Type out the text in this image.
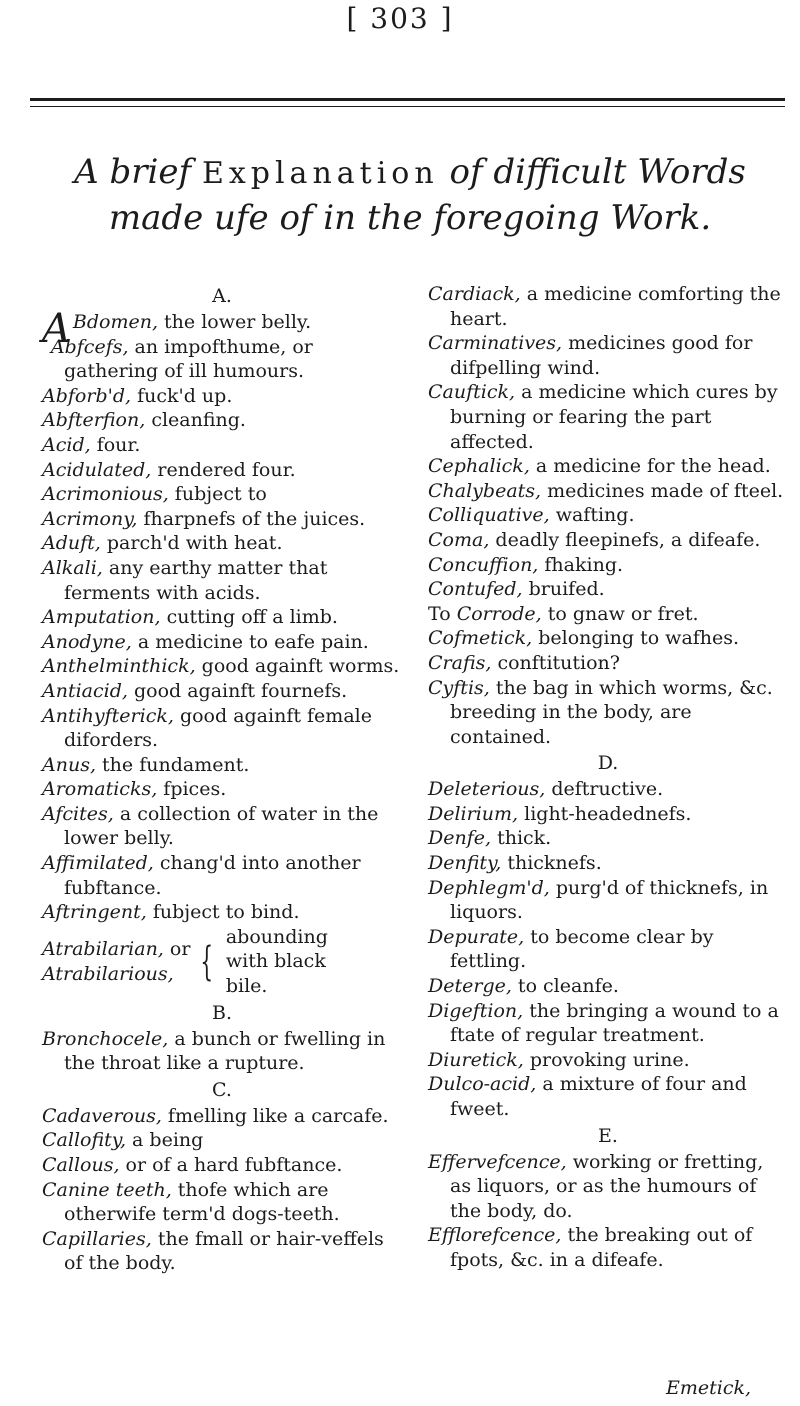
[ 303 ]
A brief Explanation of difficult Words
made ufe of in the foregoing Work.
A.
A Bdomen, the lower belly.
Abfcefs, an impofthume, or gathering of ill humours.
Abforb'd, fuck'd up.
Abfterfion, cleanfing.
Acid, four.
Acidulated, rendered four.
Acrimonious, fubject to
Acrimony, fharpnefs of the juices.
Aduft, parch'd with heat.
Alkali, any earthy matter that ferments with acids.
Amputation, cutting off a limb.
Anodyne, a medicine to eafe pain.
Anthelminthick, good againft worms.
Antiacid, good againft fournefs.
Antihyfterick, good againft female diforders.
Anus, the fundament.
Aromaticks, fpices.
Afcites, a collection of water in the lower belly.
Affimilated, chang'd into another fubftance.
Aftringent, fubject to bind.
Atrabilarian, or
Atrabilarious, {
abounding with black bile.
B.
Bronchocele, a bunch or fwelling in the throat like a rupture.
C.
Cadaverous, fmelling like a carcafe.
Callofity, a being
Callous, or of a hard fubftance.
Canine teeth, thofe which are otherwife term'd dogs-teeth.
Capillaries, the fmall or hair-veffels of the body.
Cardiack, a medicine comforting the heart.
Carminatives, medicines good for difpelling wind.
Cauftick, a medicine which cures by burning or fearing the part affected.
Cephalick, a medicine for the head.
Chalybeats, medicines made of fteel.
Colliquative, wafting.
Coma, deadly fleepinefs, a difeafe.
Concuffion, fhaking.
Contufed, bruifed.
To Corrode, to gnaw or fret.
Cofmetick, belonging to wafhes.
Crafis, conftitution?
Cyftis, the bag in which worms, &c. breeding in the body, are contained.
D.
Deleterious, deftructive.
Delirium, light-headednefs.
Denfe, thick.
Denfity, thicknefs.
Dephlegm'd, purg'd of thicknefs, in liquors.
Depurate, to become clear by fettling.
Deterge, to cleanfe.
Digeftion, the bringing a wound to a ftate of regular treatment.
Diuretick, provoking urine.
Dulco-acid, a mixture of four and fweet.
E.
Effervefcence, working or fretting, as liquors, or as the humours of the body, do.
Efflorefcence, the breaking out of fpots, &c. in a difeafe.
Emetick,
